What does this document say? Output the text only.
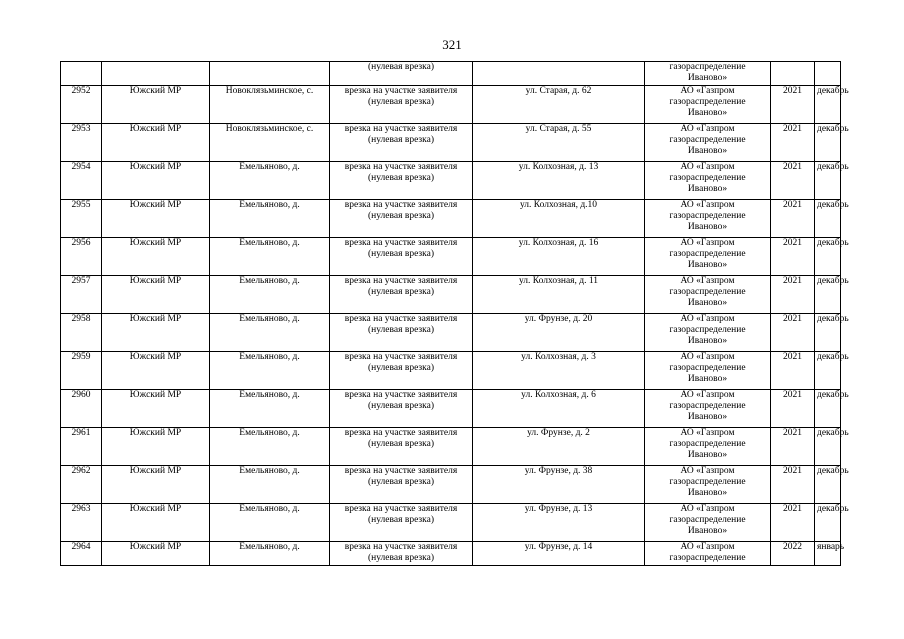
321
			(нулевая врезка)		газораспределение
Иваново»		

2952	Южский МР	Новоклязьминское, с.	врезка на участке заявителя
(нулевая врезка)	ул. Старая, д. 62	АО «Газпром
газораспределение
Иваново»	2021	декабрь
2953	Южский МР	Новоклязьминское, с.	врезка на участке заявителя
(нулевая врезка)	ул. Старая, д. 55	АО «Газпром
газораспределение
Иваново»	2021	декабрь
2954	Южский МР	Емельяново, д.	врезка на участке заявителя
(нулевая врезка)	ул. Колхозная, д. 13	АО «Газпром
газораспределение
Иваново»	2021	декабрь
2955	Южский МР	Емельяново, д.	врезка на участке заявителя
(нулевая врезка)	ул. Колхозная, д.10	АО «Газпром
газораспределение
Иваново»	2021	декабрь
2956	Южский МР	Емельяново, д.	врезка на участке заявителя
(нулевая врезка)	ул. Колхозная, д. 16	АО «Газпром
газораспределение
Иваново»	2021	декабрь
2957	Южский МР	Емельяново, д.	врезка на участке заявителя
(нулевая врезка)	ул. Колхозная, д. 11	АО «Газпром
газораспределение
Иваново»	2021	декабрь
2958	Южский МР	Емельяново, д.	врезка на участке заявителя
(нулевая врезка)	ул. Фрунзе, д. 20	АО «Газпром
газораспределение
Иваново»	2021	декабрь
2959	Южский МР	Емельяново, д.	врезка на участке заявителя
(нулевая врезка)	ул. Колхозная, д. 3	АО «Газпром
газораспределение
Иваново»	2021	декабрь
2960	Южский МР	Емельяново, д.	врезка на участке заявителя
(нулевая врезка)	ул. Колхозная, д. 6	АО «Газпром
газораспределение
Иваново»	2021	декабрь
2961	Южский МР	Емельяново, д.	врезка на участке заявителя
(нулевая врезка)	ул. Фрунзе, д. 2	АО «Газпром
газораспределение
Иваново»	2021	декабрь
2962	Южский МР	Емельяново, д.	врезка на участке заявителя
(нулевая врезка)	ул. Фрунзе, д. 38	АО «Газпром
газораспределение
Иваново»	2021	декабрь
2963	Южский МР	Емельяново, д.	врезка на участке заявителя
(нулевая врезка)	ул. Фрунзе, д. 13	АО «Газпром
газораспределение
Иваново»	2021	декабрь
2964	Южский МР	Емельяново, д.	врезка на участке заявителя
(нулевая врезка)	ул. Фрунзе, д. 14	АО «Газпром
газораспределение	2022	январь
